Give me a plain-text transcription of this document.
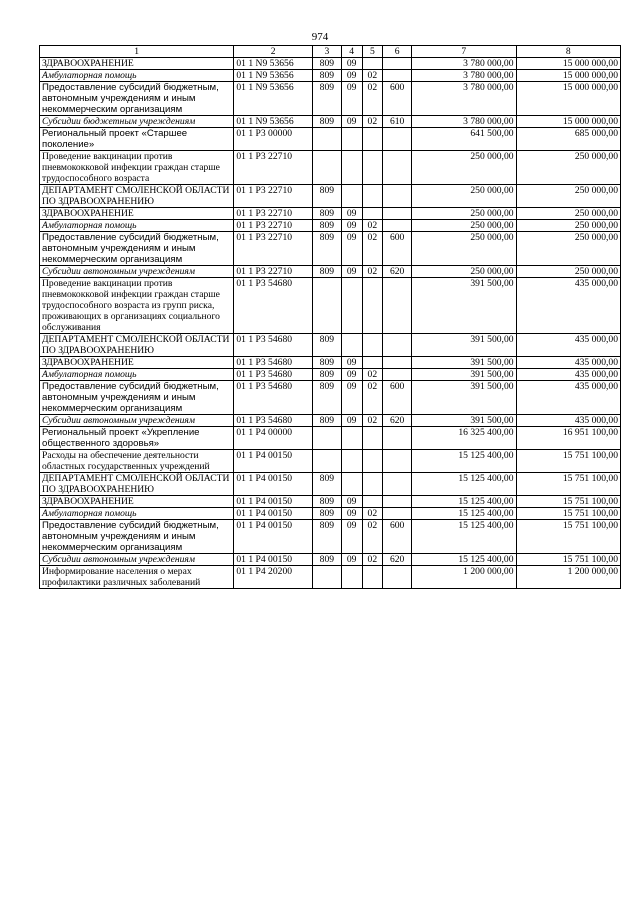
974
1	2	3	4	5	6	7	8
ЗДРАВООХРАНЕНИЕ	01 1 N9 53656	809	09			3 780 000,00	15 000 000,00
Амбулаторная помощь	01 1 N9 53656	809	09	02		3 780 000,00	15 000 000,00
Предоставление субсидий бюджетным, автономным учреждениям и иным некоммерческим организациям	01 1 N9 53656	809	09	02	600	3 780 000,00	15 000 000,00
Субсидии бюджетным учреждениям	01 1 N9 53656	809	09	02	610	3 780 000,00	15 000 000,00
Региональный проект «Старшее поколение»	01 1 P3 00000					641 500,00	685 000,00
Проведение вакцинации против пневмококковой инфекции граждан старше трудоспособного возраста	01 1 P3 22710					250 000,00	250 000,00
ДЕПАРТАМЕНТ СМОЛЕНСКОЙ ОБЛАСТИ ПО ЗДРАВООХРАНЕНИЮ	01 1 P3 22710	809				250 000,00	250 000,00
ЗДРАВООХРАНЕНИЕ	01 1 P3 22710	809	09			250 000,00	250 000,00
Амбулаторная помощь	01 1 P3 22710	809	09	02		250 000,00	250 000,00
Предоставление субсидий бюджетным, автономным учреждениям и иным некоммерческим организациям	01 1 P3 22710	809	09	02	600	250 000,00	250 000,00
Субсидии автономным учреждениям	01 1 P3 22710	809	09	02	620	250 000,00	250 000,00
Проведение вакцинации против пневмококковой инфекции граждан старше трудоспособного возраста из групп риска, проживающих в организациях социального обслуживания	01 1 P3 54680					391 500,00	435 000,00
ДЕПАРТАМЕНТ СМОЛЕНСКОЙ ОБЛАСТИ ПО ЗДРАВООХРАНЕНИЮ	01 1 P3 54680	809				391 500,00	435 000,00
ЗДРАВООХРАНЕНИЕ	01 1 P3 54680	809	09			391 500,00	435 000,00
Амбулаторная помощь	01 1 P3 54680	809	09	02		391 500,00	435 000,00
Предоставление субсидий бюджетным, автономным учреждениям и иным некоммерческим организациям	01 1 P3 54680	809	09	02	600	391 500,00	435 000,00
Субсидии автономным учреждениям	01 1 P3 54680	809	09	02	620	391 500,00	435 000,00
Региональный проект «Укрепление общественного здоровья»	01 1 P4 00000					16 325 400,00	16 951 100,00
Расходы на обеспечение деятельности областных государственных учреждений	01 1 P4 00150					15 125 400,00	15 751 100,00
ДЕПАРТАМЕНТ СМОЛЕНСКОЙ ОБЛАСТИ ПО ЗДРАВООХРАНЕНИЮ	01 1 P4 00150	809				15 125 400,00	15 751 100,00
ЗДРАВООХРАНЕНИЕ	01 1 P4 00150	809	09			15 125 400,00	15 751 100,00
Амбулаторная помощь	01 1 P4 00150	809	09	02		15 125 400,00	15 751 100,00
Предоставление субсидий бюджетным, автономным учреждениям и иным некоммерческим организациям	01 1 P4 00150	809	09	02	600	15 125 400,00	15 751 100,00
Субсидии автономным учреждениям	01 1 P4 00150	809	09	02	620	15 125 400,00	15 751 100,00
Информирование населения о мерах профилактики различных заболеваний	01 1 P4 20200					1 200 000,00	1 200 000,00
